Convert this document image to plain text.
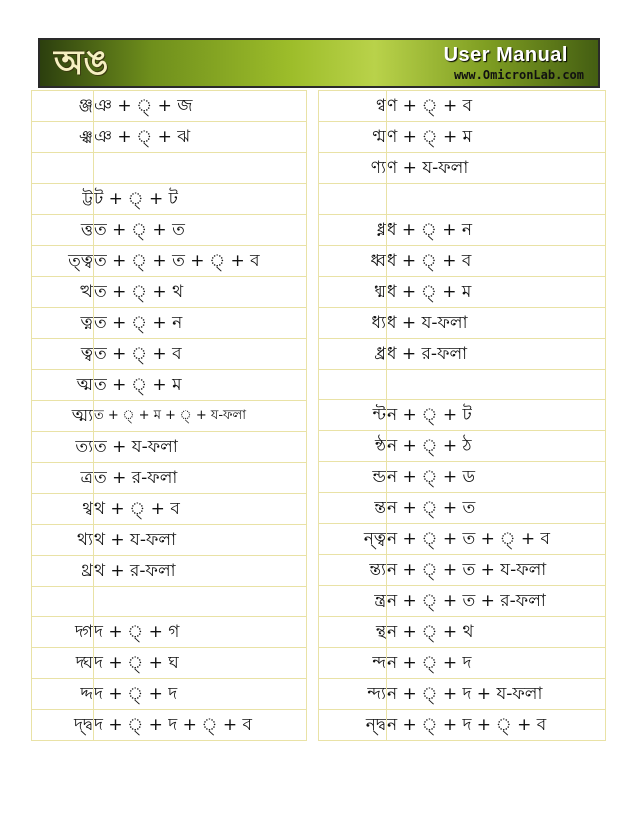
অঙ	User Manual
www.OmicronLab.com
ঞ্জ	ঞ + ্ + জ
ঞ্ঝ	ঞ + ্ + ঝ

ট্ট	ট + ্ + ট
ত্ত	ত + ্ + ত
ত্ত্ব	ত + ্ + ত + ্ + ব
ত্থ	ত + ্ + থ
ত্ন	ত + ্ + ন
ত্ব	ত + ্ + ব
ত্ম	ত + ্ + ম
ত্ম্য	ত + ্ + ম + ্ + য-ফলা
ত্য	ত + য-ফলা
ত্র	ত + র-ফলা
থ্ব	থ + ্ + ব
থ্য	থ + য-ফলা
থ্র	থ + র-ফলা

দ্গ	দ + ্ + গ
দ্ঘ	দ + ্ + ঘ
দ্দ	দ + ্ + দ
দ্দ্ব	দ + ্ + দ + ্ + ব
ণ্ব	ণ + ্ + ব
ণ্ম	ণ + ্ + ম
ণ্য	ণ + য-ফলা

ধ্ন	ধ + ্ + ন
ধ্ব	ধ + ্ + ব
ধ্ম	ধ + ্ + ম
ধ্য	ধ + য-ফলা
ধ্র	ধ + র-ফলা

ন্ট	ন + ্ + ট
ন্ঠ	ন + ্ + ঠ
ন্ড	ন + ্ + ড
ন্ত	ন + ্ + ত
ন্ত্ব	ন + ্ + ত + ্ + ব
ন্ত্য	ন + ্ + ত + য-ফলা
ন্ত্র	ন + ্ + ত + র-ফলা
ন্থ	ন + ্ + থ
ন্দ	ন + ্ + দ
ন্দ্য	ন + ্ + দ + য-ফলা
ন্দ্ব	ন + ্ + দ + ্ + ব
